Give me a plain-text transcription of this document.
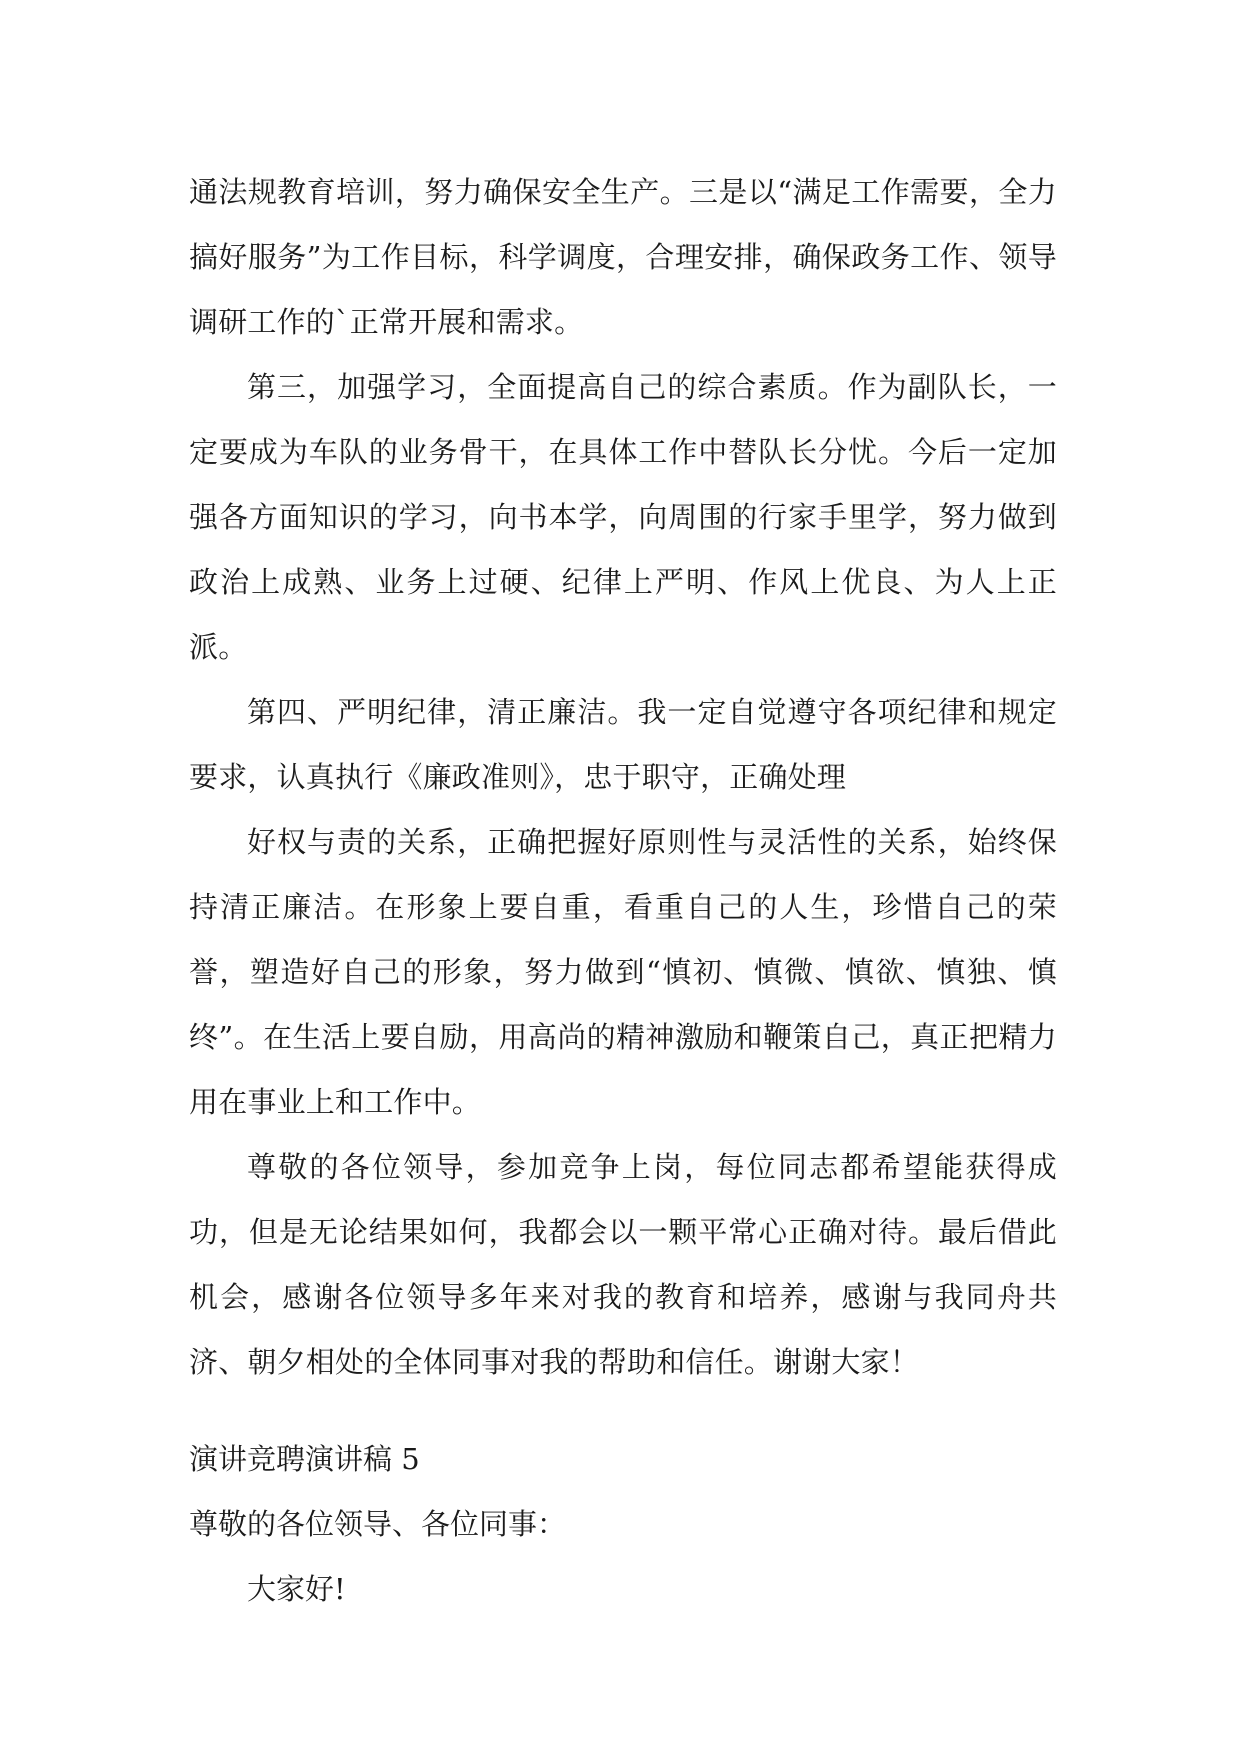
通法规教育培训，努力确保安全生产。三是以“满足工作需要，全力搞好服务”为工作目标，科学调度，合理安排，确保政务工作、领导调研工作的`正常开展和需求。

第三，加强学习，全面提高自己的综合素质。作为副队长，一定要成为车队的业务骨干，在具体工作中替队长分忧。今后一定加强各方面知识的学习，向书本学，向周围的行家手里学，努力做到政治上成熟、业务上过硬、纪律上严明、作风上优良、为人上正派。

第四、严明纪律，清正廉洁。我一定自觉遵守各项纪律和规定要求，认真执行《廉政准则》，忠于职守，正确处理

好权与责的关系，正确把握好原则性与灵活性的关系，始终保持清正廉洁。在形象上要自重，看重自己的人生，珍惜自己的荣誉，塑造好自己的形象，努力做到“慎初、慎微、慎欲、慎独、慎终”。在生活上要自励，用高尚的精神激励和鞭策自己，真正把精力用在事业上和工作中。

尊敬的各位领导，参加竞争上岗，每位同志都希望能获得成功，但是无论结果如何，我都会以一颗平常心正确对待。最后借此机会，感谢各位领导多年来对我的教育和培养，感谢与我同舟共济、朝夕相处的全体同事对我的帮助和信任。谢谢大家！

演讲竞聘演讲稿 5

尊敬的各位领导、各位同事：

大家好!
